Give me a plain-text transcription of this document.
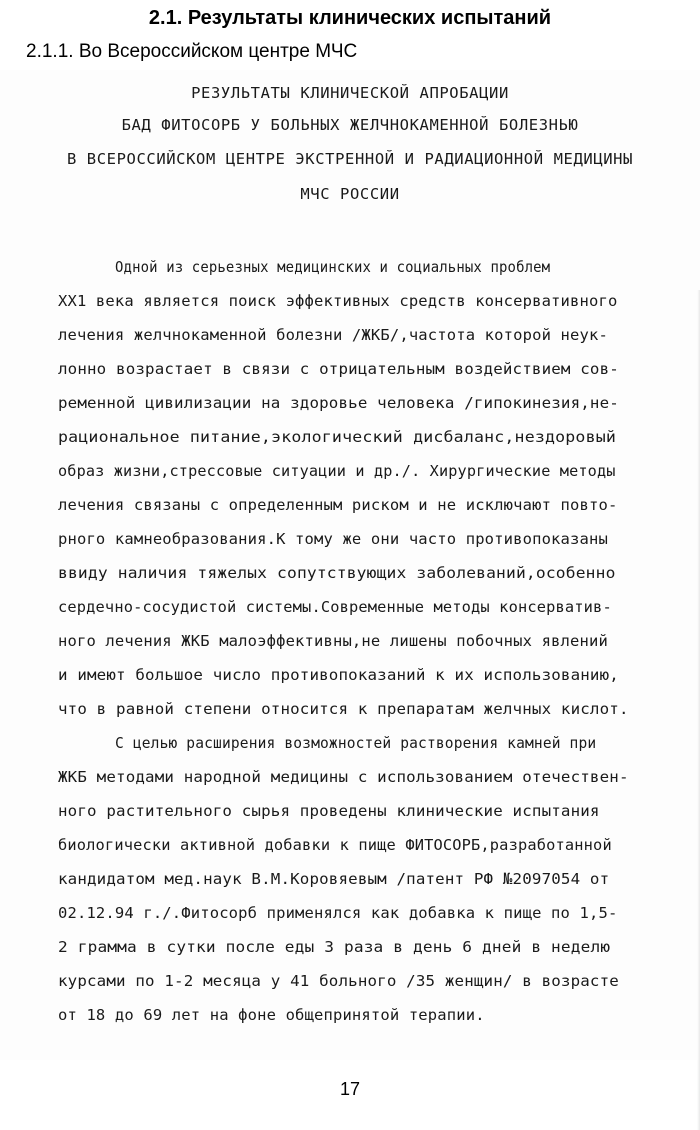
2.1. Результаты клинических испытаний
2.1.1. Во Всероссийском центре МЧС
РЕЗУЛЬТАТЫ КЛИНИЧЕСКОЙ АПРОБАЦИИ
БАД ФИТОСОРБ У БОЛЬНЫХ ЖЕЛЧНОКАМЕННОЙ БОЛЕЗНЬЮ
В ВСЕРОССИЙСКОМ ЦЕНТРЕ ЭКСТРЕННОЙ И РАДИАЦИОННОЙ МЕДИЦИНЫ
МЧС РОССИИ
Одной из серьезных медицинских и социальных проблем
ХХ1 века является поиск эффективных средств консервативного
лечения желчнокаменной болезни /ЖКБ/,частота которой неук-
лонно возрастает в связи с отрицательным воздействием сов-
ременной цивилизации на здоровье человека /гипокинезия,не-
рациональное питание,экологический дисбаланс,нездоровый
образ жизни,стрессовые ситуации и др./. Хирургические методы
лечения связаны с определенным риском и не исключают повто-
рного камнеобразования.К тому же они часто противопоказаны
ввиду наличия тяжелых сопутствующих заболеваний,особенно
сердечно-сосудистой системы.Современные методы консерватив-
ного лечения ЖКБ малоэффективны,не лишены побочных явлений
и имеют большое число противопоказаний к их использованию,
что в равной степени относится к препаратам желчных кислот.
С целью расширения возможностей растворения камней при
ЖКБ методами народной медицины с использованием отечествен-
ного растительного сырья проведены клинические испытания
биологически активной добавки к пище ФИТОСОРБ,разработанной
кандидатом мед.наук В.М.Коровяевым /патент РФ №2097054 от
02.12.94 г./.Фитосорб применялся как добавка к пище по 1,5-
2 грамма в сутки после еды 3 раза в день 6 дней в неделю
курсами по 1-2 месяца у 41 больного /35 женщин/ в возрасте
от 18 до 69 лет на фоне общепринятой терапии.
17
